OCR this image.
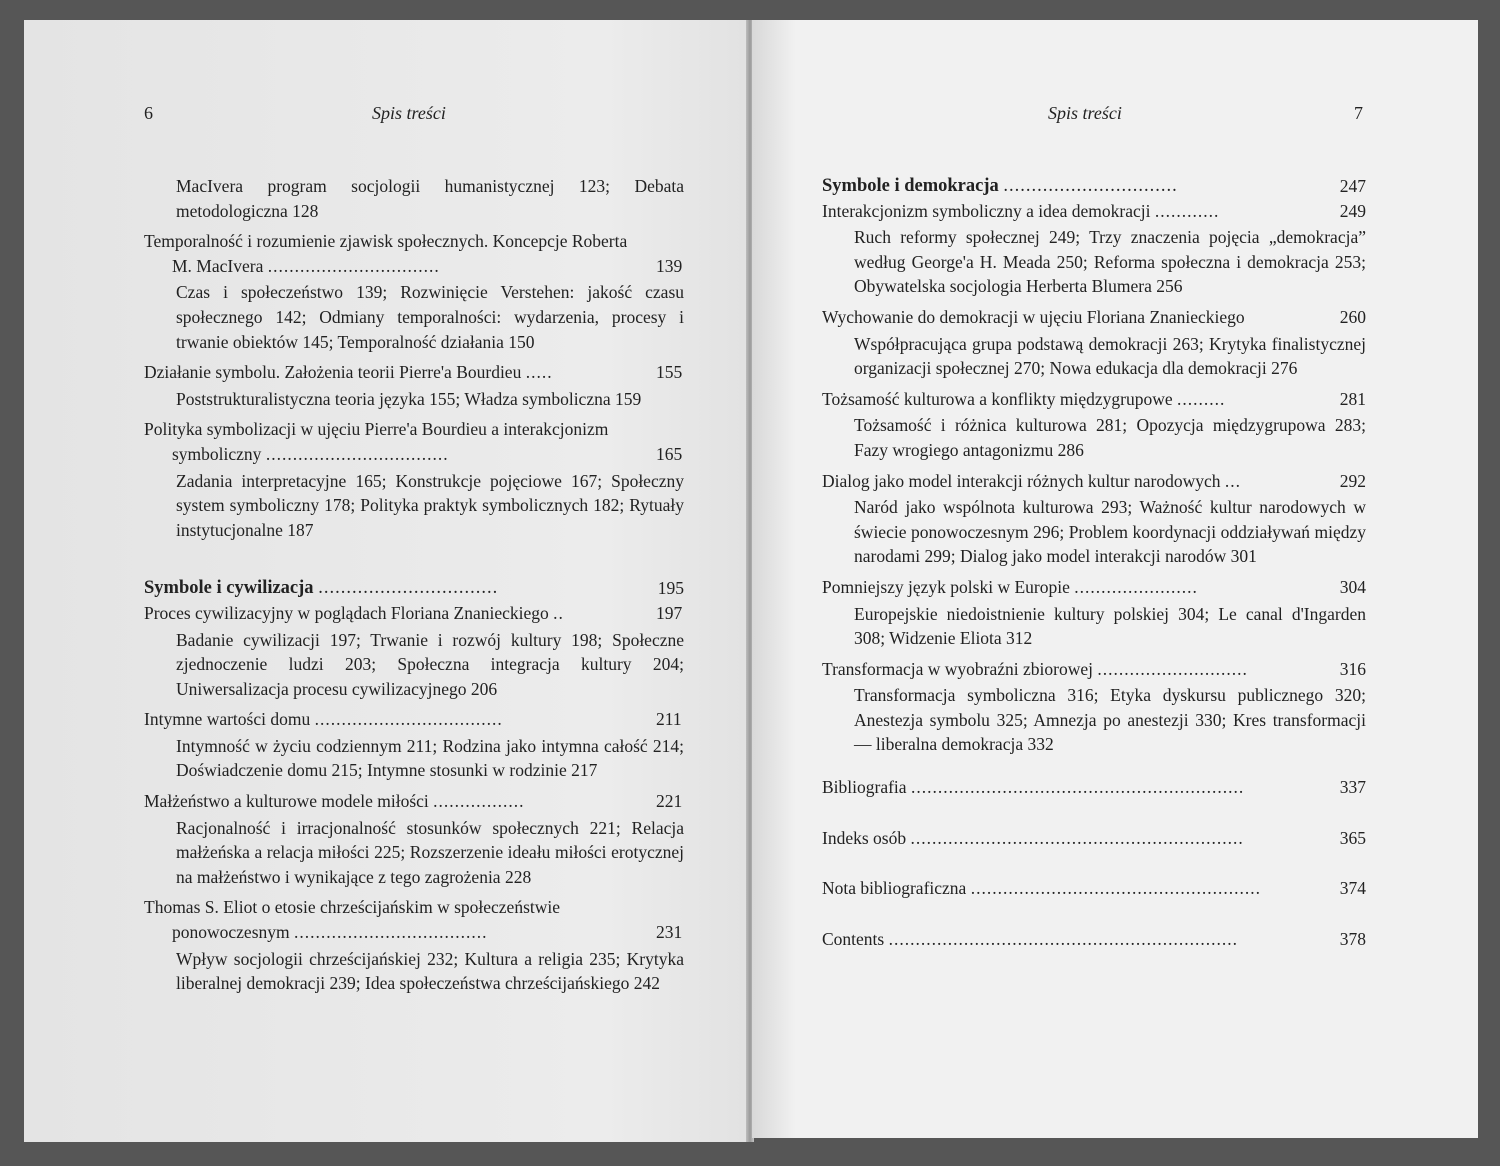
6	Spis treści
MacIvera program socjologii humanistycznej 123; Debata metodologiczna 128
Temporalność i rozumienie zjawisk społecznych. Koncepcje Roberta M. MacIvera ................................	139
Czas i społeczeństwo 139; Rozwinięcie Verstehen: jakość czasu społecznego 142; Odmiany temporalności: wydarzenia, procesy i trwanie obiektów 145; Temporalność działania 150
Działanie symbolu. Założenia teorii Pierre'a Bourdieu .....	155
Poststrukturalistyczna teoria języka 155; Władza symboliczna 159
Polityka symbolizacji w ujęciu Pierre'a Bourdieu a interakcjonizm symboliczny ..................................	165
Zadania interpretacyjne 165; Konstrukcje pojęciowe 167; Społeczny system symboliczny 178; Polityka praktyk symbolicznych 182; Rytuały instytucjonalne 187
Symbole i cywilizacja ................................	195
Proces cywilizacyjny w poglądach Floriana Znanieckiego ..	197
Badanie cywilizacji 197; Trwanie i rozwój kultury 198; Społeczne zjednoczenie ludzi 203; Społeczna integracja kultury 204; Uniwersalizacja procesu cywilizacyjnego 206
Intymne wartości domu ...................................	211
Intymność w życiu codziennym 211; Rodzina jako intymna całość 214; Doświadczenie domu 215; Intymne stosunki w rodzinie 217
Małżeństwo a kulturowe modele miłości .................	221
Racjonalność i irracjonalność stosunków społecznych 221; Relacja małżeńska a relacja miłości 225; Rozszerzenie ideału miłości erotycznej na małżeństwo i wynikające z tego zagrożenia 228
Thomas S. Eliot o etosie chrześcijańskim w społeczeństwie ponowoczesnym ....................................	231
Wpływ socjologii chrześcijańskiej 232; Kultura a religia 235; Krytyka liberalnej demokracji 239; Idea społeczeństwa chrześcijańskiego 242
Spis treści	7
Symbole i demokracja ...............................	247
Interakcjonizm symboliczny a idea demokracji ............	249
Ruch reformy społecznej 249; Trzy znaczenia pojęcia „demokracja” według George'a H. Meada 250; Reforma społeczna i demokracja 253; Obywatelska socjologia Herberta Blumera 256
Wychowanie do demokracji w ujęciu Floriana Znanieckiego	260
Współpracująca grupa podstawą demokracji 263; Krytyka finalistycznej organizacji społecznej 270; Nowa edukacja dla demokracji 276
Tożsamość kulturowa a konflikty międzygrupowe .........	281
Tożsamość i różnica kulturowa 281; Opozycja międzygrupowa 283; Fazy wrogiego antagonizmu 286
Dialog jako model interakcji różnych kultur narodowych ...	292
Naród jako wspólnota kulturowa 293; Ważność kultur narodowych w świecie ponowoczesnym 296; Problem koordynacji oddziaływań między narodami 299; Dialog jako model interakcji narodów 301
Pomniejszy język polski w Europie .......................	304
Europejskie niedoistnienie kultury polskiej 304; Le canal d'Ingarden 308; Widzenie Eliota 312
Transformacja w wyobraźni zbiorowej ............................	316
Transformacja symboliczna 316; Etyka dyskursu publicznego 320; Anestezja symbolu 325; Amnezja po anestezji 330; Kres transformacji — liberalna demokracja 332
Bibliografia ..............................................................	337
Indeks osób ..............................................................	365
Nota bibliograficzna ......................................................	374
Contents .................................................................	378
